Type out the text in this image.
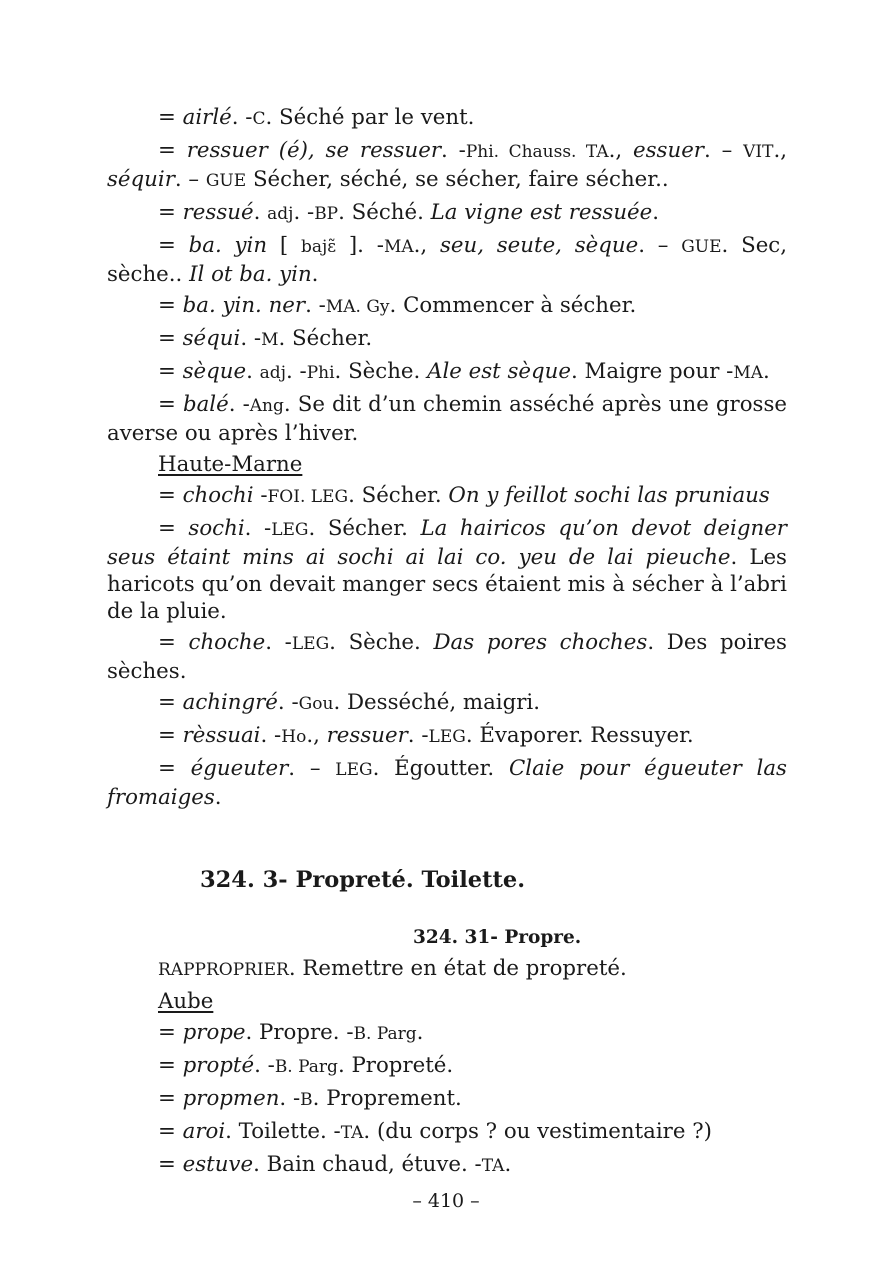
= airlé. -C. Séché par le vent.

= ressuer (é), se ressuer. -Phi. Chauss. TA., essuer. – VIT., séquir. – GUE Sécher, séché, se sécher, faire sécher..

= ressué. adj. -BP. Séché. La vigne est ressuée.

= ba. yin [ bajɛ̃ ]. -MA., seu, seute, sèque. – GUE. Sec, sèche.. Il ot ba. yin.

= ba. yin. ner. -MA. Gy. Commencer à sécher.

= séqui. -M. Sécher.

= sèque. adj. -Phi. Sèche. Ale est sèque. Maigre pour -MA.

= balé. -Ang. Se dit d’un chemin asséché après une grosse averse ou après l’hiver.

Haute-Marne

= chochi -FOI. LEG. Sécher. On y feillot sochi las pruniaus

= sochi. -LEG. Sécher. La hairicos qu’on devot deigner seus étaint mins ai sochi ai lai co. yeu de lai pieuche. Les haricots qu’on devait manger secs étaient mis à sécher à l’abri de la pluie.

= choche. -LEG. Sèche. Das pores choches. Des poires sèches.

= achingré. -Gou. Desséché, maigri.

= rèssuai. -Ho., ressuer. -LEG. Évaporer. Ressuyer.

= égueuter. – LEG. Égoutter. Claie pour égueuter las fromaiges.

324. 3- Propreté. Toilette.
324. 31- Propre.
RAPPROPRIER. Remettre en état de propreté.
Aube
= prope. Propre. -B. Parg.
= propté. -B. Parg. Propreté.
= propmen. -B. Proprement.
= aroi. Toilette. -TA. (du corps ? ou vestimentaire ?)
= estuve. Bain chaud, étuve. -TA.
– 410 –
